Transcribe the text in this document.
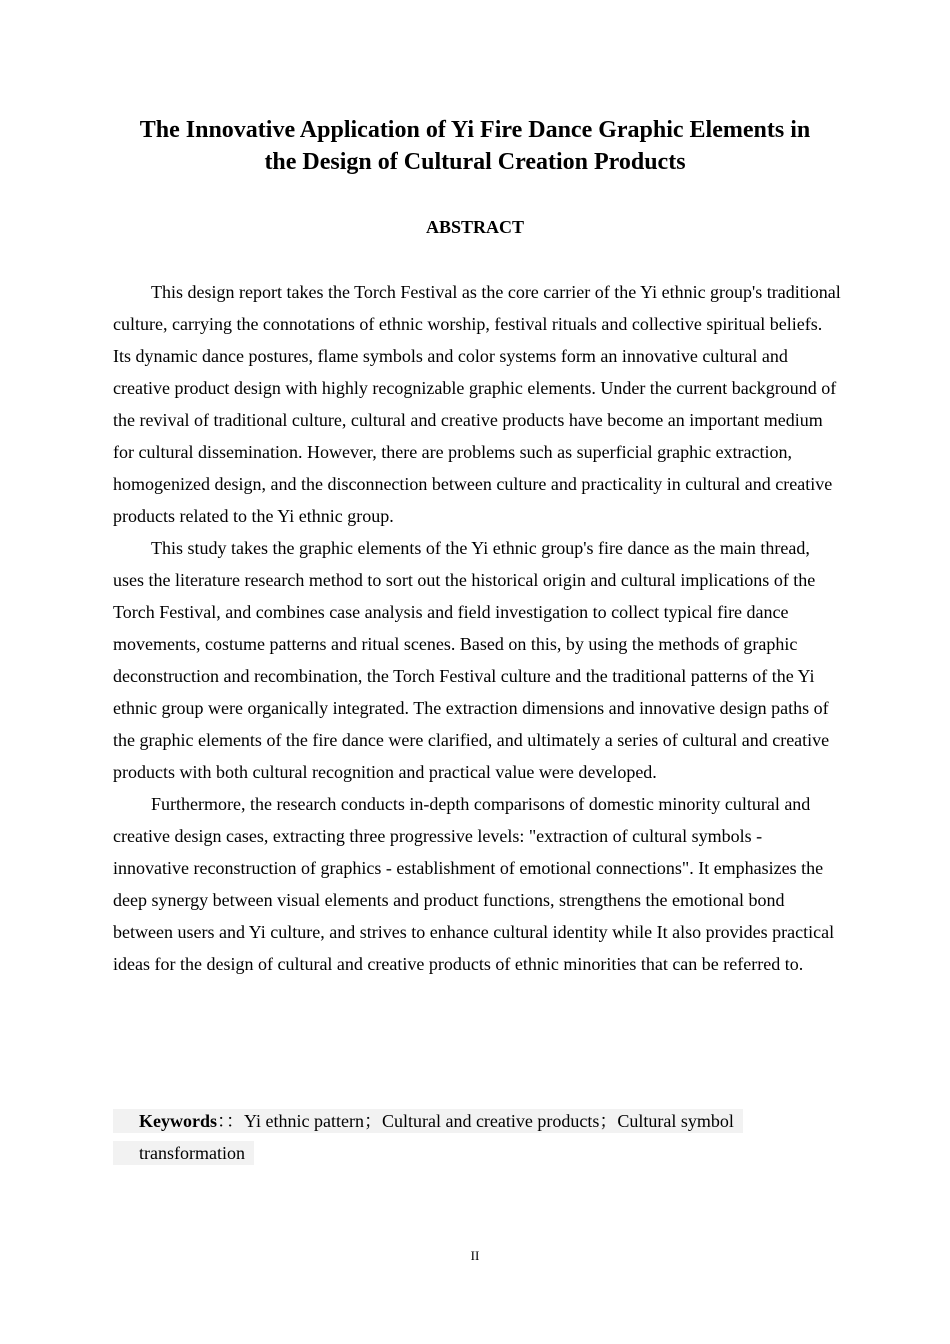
The Innovative Application of Yi Fire Dance Graphic Elements in
the Design of Cultural Creation Products
ABSTRACT

This design report takes the Torch Festival as the core carrier of the Yi ethnic group's traditional culture, carrying the connotations of ethnic worship, festival rituals and collective spiritual beliefs. Its dynamic dance postures, flame symbols and color systems form an innovative cultural and creative product design with highly recognizable graphic elements. Under the current background of the revival of traditional culture, cultural and creative products have become an important medium for cultural dissemination. However, there are problems such as superficial graphic extraction, homogenized design, and the disconnection between culture and practicality in cultural and creative products related to the Yi ethnic group.

This study takes the graphic elements of the Yi ethnic group's fire dance as the main thread, uses the literature research method to sort out the historical origin and cultural implications of the Torch Festival, and combines case analysis and field investigation to collect typical fire dance movements, costume patterns and ritual scenes. Based on this, by using the methods of graphic deconstruction and recombination, the Torch Festival culture and the traditional patterns of the Yi ethnic group were organically integrated. The extraction dimensions and innovative design paths of the graphic elements of the fire dance were clarified, and ultimately a series of cultural and creative products with both cultural recognition and practical value were developed.

Furthermore, the research conducts in-depth comparisons of domestic minority cultural and creative design cases, extracting three progressive levels: "extraction of cultural symbols - innovative reconstruction of graphics - establishment of emotional connections". It emphasizes the deep synergy between visual elements and product functions, strengthens the emotional bond between users and Yi culture, and strives to enhance cultural identity while It also provides practical ideas for the design of cultural and creative products of ethnic minorities that can be referred to.

Keywords：：Yi ethnic pattern；Cultural and creative products；Cultural symbol transformation
II
